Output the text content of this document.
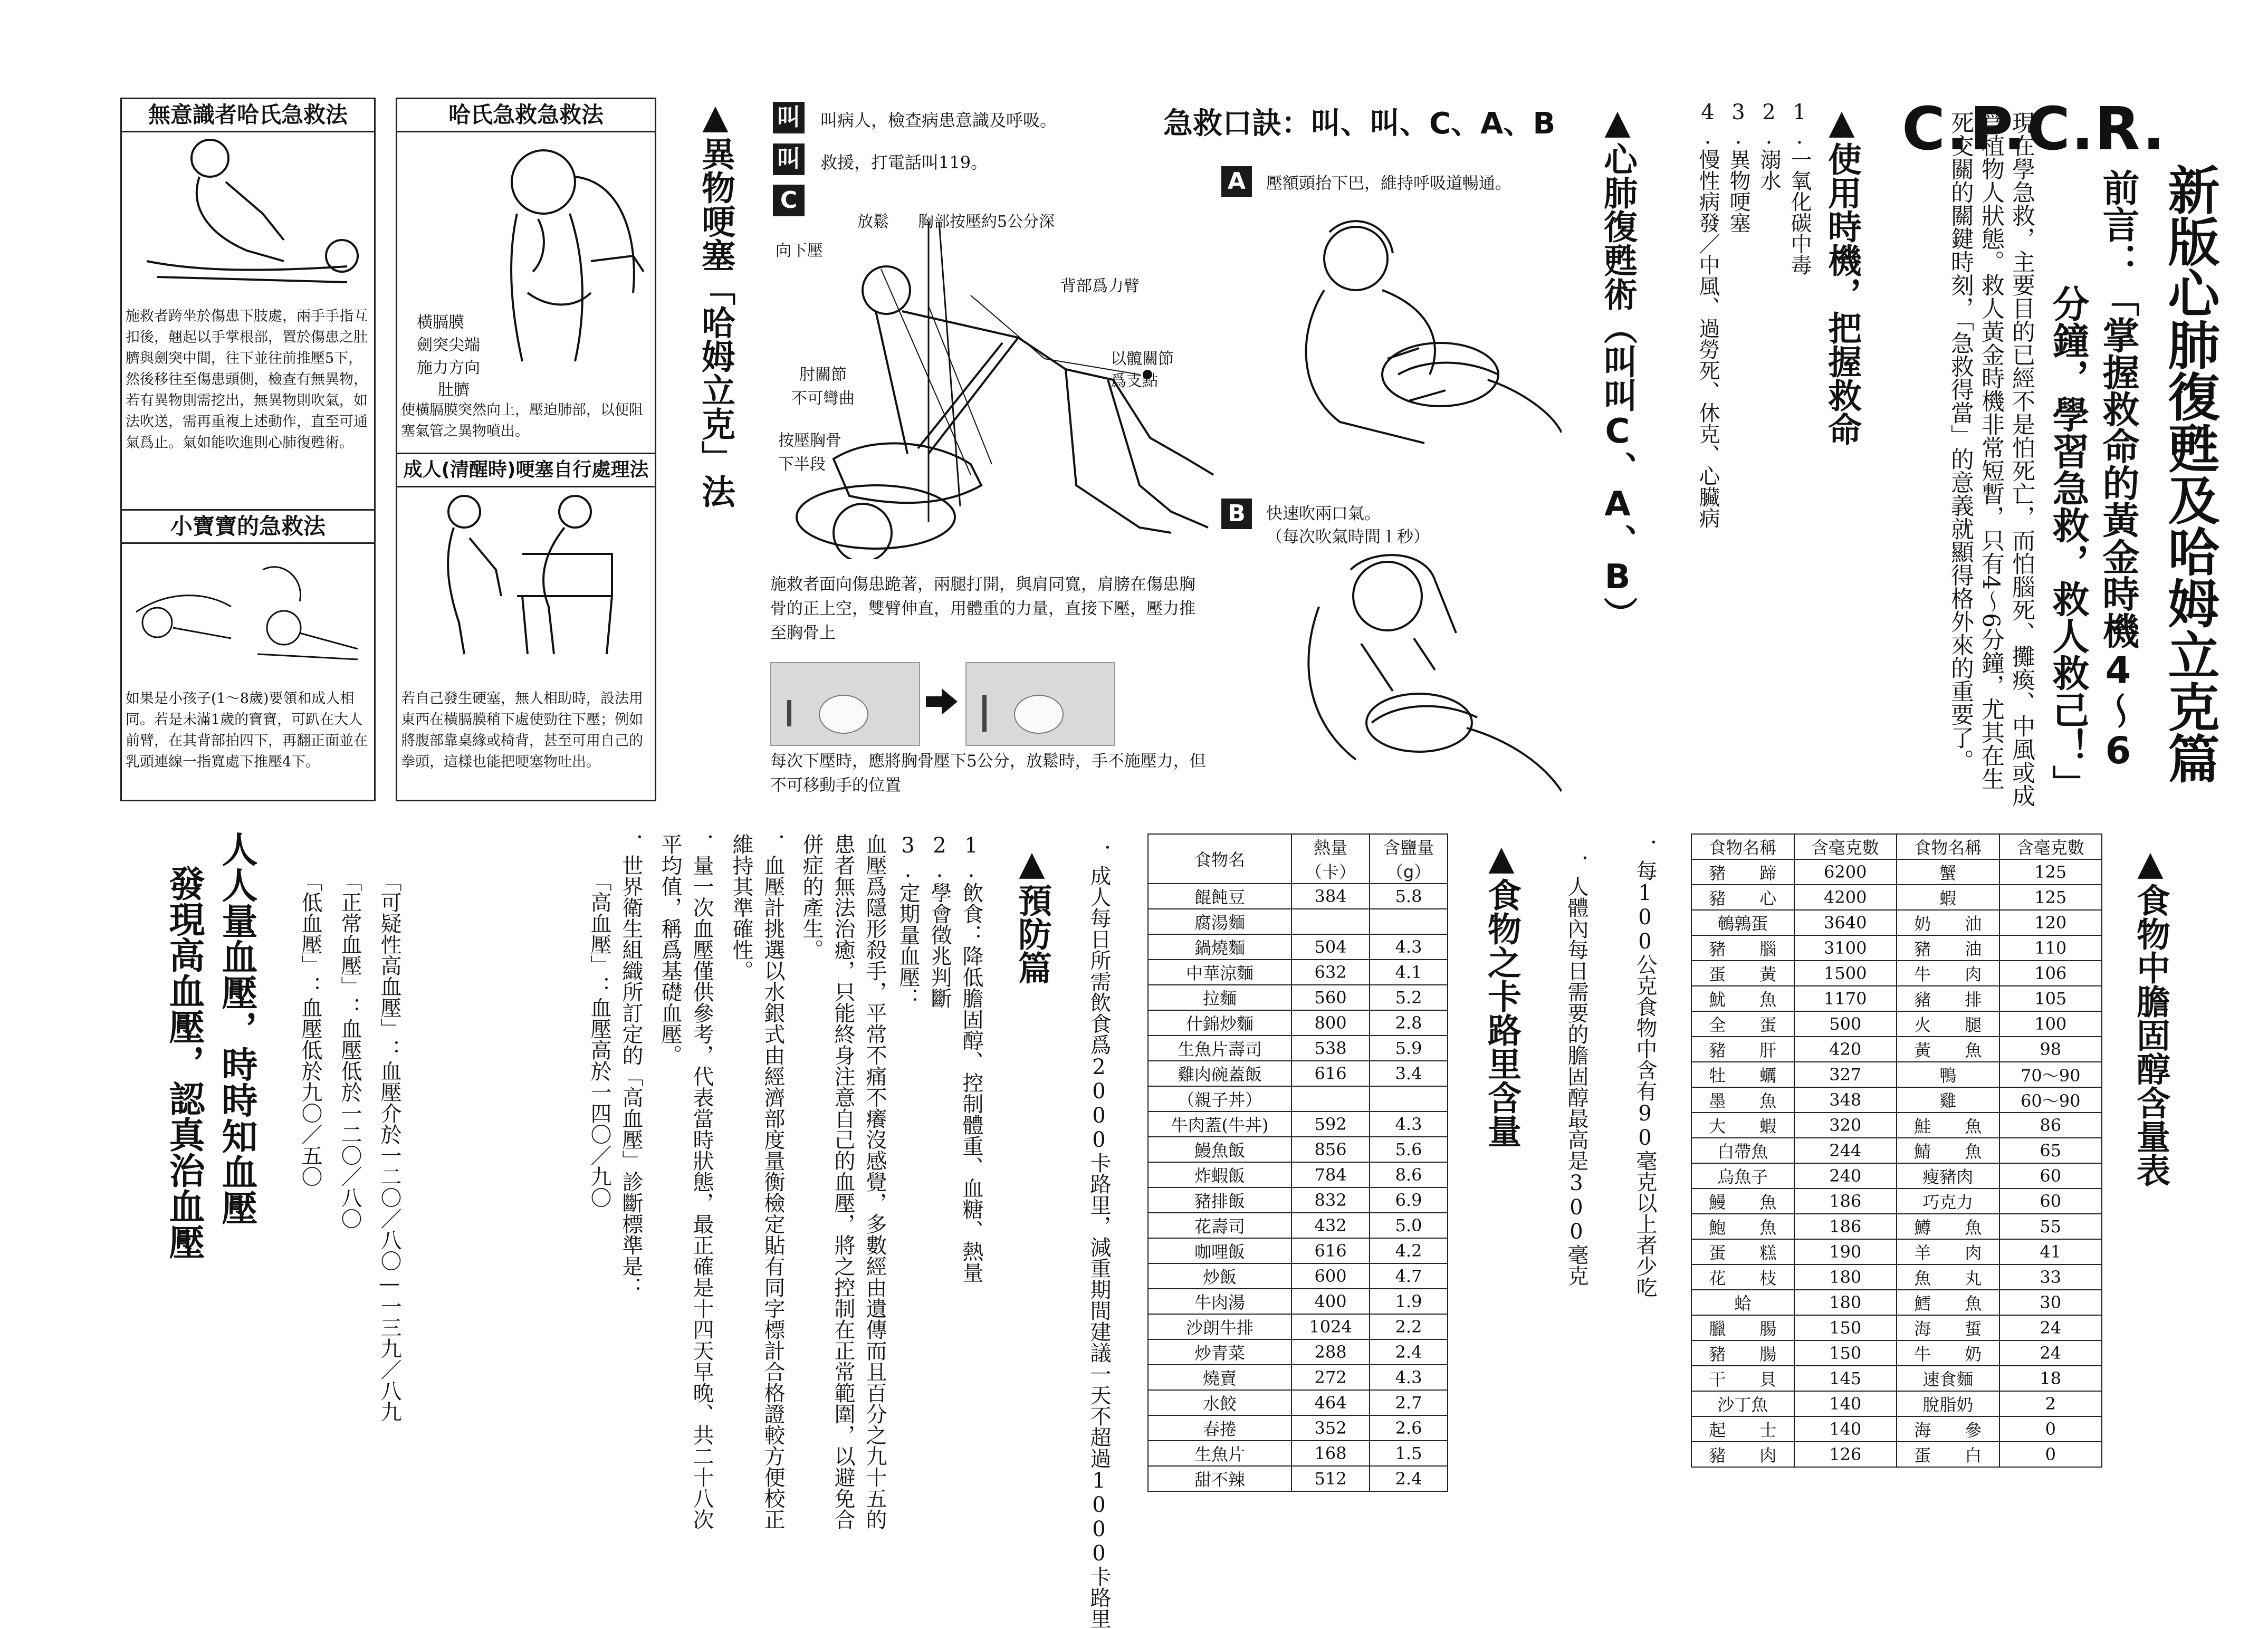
C.P.C.R.
新版心肺復甦及哈姆立克篇
前言：「掌握救命的黃金時機4～6
分鐘，學習急救，救人救己！」
現在學急救，主要目的已經不是怕死亡，而怕腦死、攤瘓、中風或成爲植物人狀態。救人黃金時機非常短暫，只有4～6分鐘，尤其在生死交關的關鍵時刻，「急救得當」的意義就顯得格外來的重要了。
▲使用時機，把握救命
1.一氧化碳中毒
2.溺水
3.異物哽塞
4.慢性病發／中風、過勞死、休克、心臟病
▲心肺復甦術（叫叫C、A、B）
急救口訣：叫、叫、C、A、B
叫 叫病人，檢查病患意識及呼吸。
叫 救援，打電話叫119。
C
放鬆 胸部按壓約5公分深
向下壓
背部爲力臂
肘關節
不可彎曲
以髖關節
爲支點
按壓胸骨
下半段
施救者面向傷患跪著，兩腿打開，與肩同寬，肩膀在傷患胸骨的正上空，雙臂伸直，用體重的力量，直接下壓，壓力推至胸骨上
每次下壓時，應將胸骨壓下5公分，放鬆時，手不施壓力，但不可移動手的位置
A	壓額頭抬下巴，維持呼吸道暢通。
B	快速吹兩口氣。
（每次吹氣時間１秒）
▲異物哽塞「哈姆立克」法
無意識者哈氏急救法
施救者跨坐於傷患下肢處，兩手手指互扣後，翹起以手掌根部，置於傷患之肚臍與劍突中間，往下並往前推壓5下，然後移往至傷患頭側，檢查有無異物，若有異物則需挖出，無異物則吹氣，如法吹送，需再重複上述動作，直至可通氣爲止。氣如能吹進則心肺復甦術。
小寶寶的急救法
如果是小孩子(1～8歲)要領和成人相同。若是未滿1歲的寶寶，可趴在大人前臂，在其背部拍四下，再翻正面並在乳頭連線一指寬處下推壓4下。
哈氏急救急救法
橫膈膜
劍突尖端
施力方向
肚臍
使橫膈膜突然向上，壓迫肺部，以便阻塞氣管之異物噴出。
成人(清醒時)哽塞自行處理法
若自己發生硬塞，無人相助時，設法用東西在橫膈膜稍下處使勁往下壓；例如將腹部靠桌緣或椅背，甚至可用自己的拳頭，這樣也能把哽塞物吐出。
▲食物中膽固醇含量表
食物名稱	含毫克數	食物名稱	含毫克數
豬　　蹄	6200	蟹	125
豬　　心	4200	蝦	125
鵪鶉蛋	3640	奶　　油	120
豬　　腦	3100	豬　　油	110
蛋　　黃	1500	牛　　肉	106
魷　　魚	1170	豬　　排	105
全　　蛋	500	火　　腿	100
豬　　肝	420	黃　　魚	98
牡　　蠣	327	鴨	70～90
墨　　魚	348	雞	60～90
大　　蝦	320	鮭　　魚	86
白帶魚	244	鯖　　魚	65
烏魚子	240	瘦豬肉	60
鰻　　魚	186	巧克力	60
鮑　　魚	186	鱒　　魚	55
蛋　　糕	190	羊　　肉	41
花　　枝	180	魚　　丸	33
蛤	180	鱈　　魚	30
臘　　腸	150	海　　蜇	24
豬　　腸	150	牛　　奶	24
干　　貝	145	速食麵	18
沙丁魚	140	脫脂奶	2
起　　士	140	海　　參	0
豬　　肉	126	蛋　　白	0
．每100公克食物中含有90毫克以上者少吃
．人體內每日需要的膽固醇最高是300毫克
▲食物之卡路里含量
食物名	熱量	含鹽量
	（卡）	（g）
餛飩豆	384	5.8
腐湯麵		
鍋燒麵	504	4.3
中華涼麵	632	4.1
拉麵	560	5.2
什錦炒麵	800	2.8
生魚片壽司	538	5.9
雞肉碗蓋飯	616	3.4
（親子丼）		
牛肉蓋(牛丼)	592	4.3
鰻魚飯	856	5.6
炸蝦飯	784	8.6
豬排飯	832	6.9
花壽司	432	5.0
咖哩飯	616	4.2
炒飯	600	4.7
牛肉湯	400	1.9
沙朗牛排	1024	2.2
炒青菜	288	2.4
燒賣	272	4.3
水餃	464	2.7
春捲	352	2.6
生魚片	168	1.5
甜不辣	512	2.4
．成人每日所需飲食爲2000卡路里，減重期間建議一天不超過1000卡路里
▲預防篇
1.飲食：降低膽固醇、控制體重、血糖、熱量
2.學會徵兆判斷
3.定期量血壓：
血壓爲隱形殺手，平常不痛不癢沒感覺，多數經由遺傳而且百分之九十五的患者無法治癒，只能終身注意自己的血壓，將之控制在正常範圍，以避免合併症的產生。
．血壓計挑選以水銀式由經濟部度量衡檢定貼有同字標計合格證較方便校正維持其準確性。
．量一次血壓僅供參考，代表當時狀態，最正確是十四天早晚、共二十八次平均值，稱爲基礎血壓。
．世界衛生組織所訂定的「高血壓」診斷標準是：
「高血壓」：血壓高於一四〇／九〇
「可疑性高血壓」：血壓介於一二〇／八〇—一三九／八九
「正常血壓」：血壓低於一二〇／八〇
「低血壓」：血壓低於九〇／五〇
人人量血壓，時時知血壓
發現高血壓，認真治血壓
